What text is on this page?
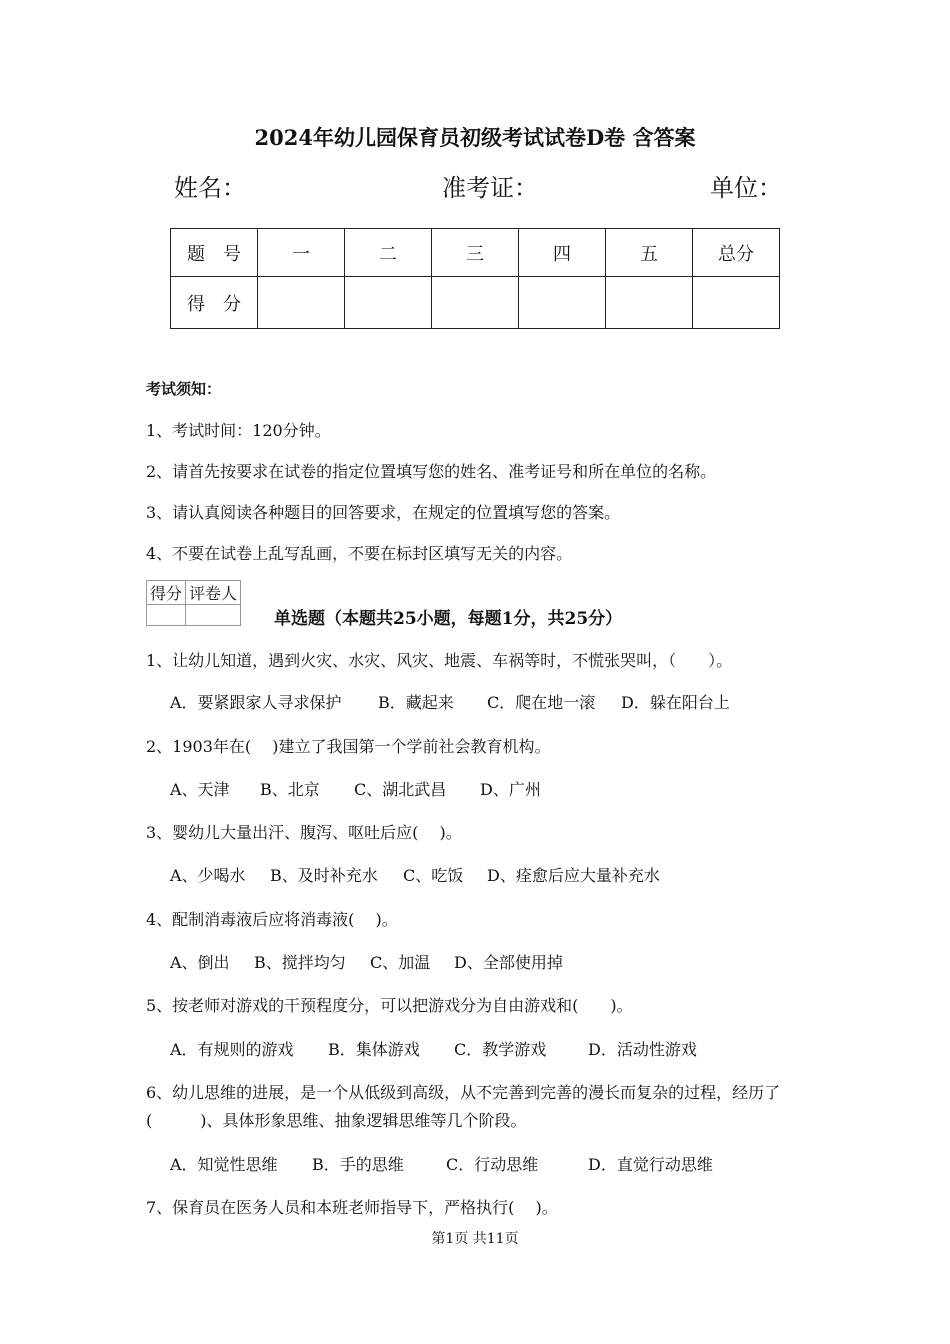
2024年幼儿园保育员初级考试试卷D卷 含答案
姓名：	准考证：	单位：
题　号	一	二	三	四	五	总分
得　分						
考试须知：
1、考试时间：120分钟。
2、请首先按要求在试卷的指定位置填写您的姓名、准考证号和所在单位的名称。
3、请认真阅读各种题目的回答要求，在规定的位置填写您的答案。
4、不要在试卷上乱写乱画，不要在标封区填写无关的内容。
得分	评卷人

单选题（本题共25小题，每题1分，共25分）
1、让幼儿知道，遇到火灾、水灾、风灾、地震、车祸等时，不慌张哭叫，（　　）。
A．要紧跟家人寻求保护 B．藏起来 C．爬在地一滚 D．躲在阳台上
2、1903年在(　 )建立了我国第一个学前社会教育机构。
A、天津 B、北京 C、湖北武昌 D、广州
3、婴幼儿大量出汗、腹泻、呕吐后应(　 )。
A、少喝水 B、及时补充水 C、吃饭 D、痊愈后应大量补充水
4、配制消毒液后应将消毒液(　 )。
A、倒出 B、搅拌均匀 C、加温 D、全部使用掉
5、按老师对游戏的干预程度分，可以把游戏分为自由游戏和(　　)。
A．有规则的游戏 B．集体游戏 C．教学游戏	D．活动性游戏
6、幼儿思维的进展，是一个从低级到高级，从不完善到完善的漫长而复杂的过程，经历了
(　　　)、具体形象思维、抽象逻辑思维等几个阶段。
A．知觉性思维 B．手的思维	C．行动思维	D．直觉行动思维
7、保育员在医务人员和本班老师指导下，严格执行(　 )。
第1页 共11页
